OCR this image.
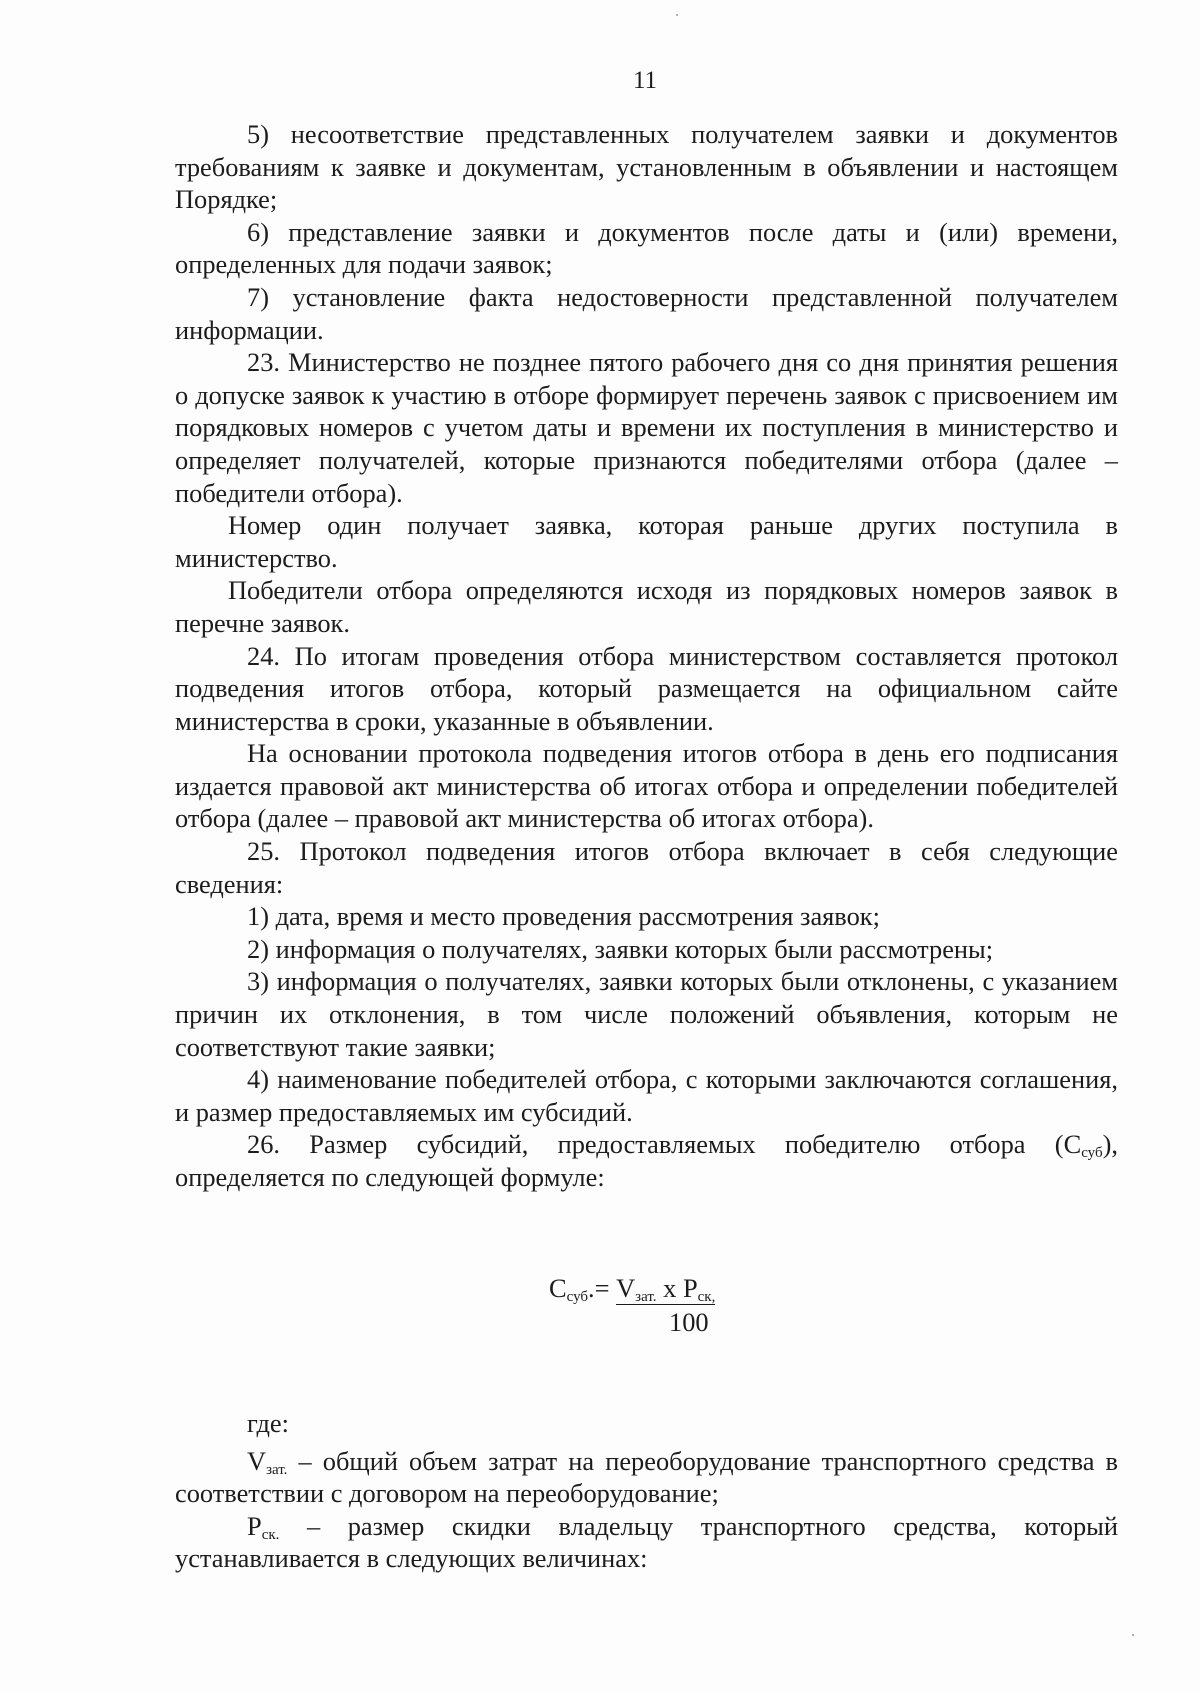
11

5) несоответствие представленных получателем заявки и документов требованиям к заявке и документам, установленным в объявлении и настоящем Порядке;

6) представление заявки и документов после даты и (или) времени, определенных для подачи заявок;

7) установление факта недостоверности представленной получателем информации.

23. Министерство не позднее пятого рабочего дня со дня принятия решения о допуске заявок к участию в отборе формирует перечень заявок с присвоением им порядковых номеров с учетом даты и времени их поступления в министерство и определяет получателей, которые признаются победителями отбора (далее – победители отбора).

Номер один получает заявка, которая раньше других поступила в министерство.

Победители отбора определяются исходя из порядковых номеров заявок в перечне заявок.

24. По итогам проведения отбора министерством составляется протокол подведения итогов отбора, который размещается на официальном сайте министерства в сроки, указанные в объявлении.

На основании протокола подведения итогов отбора в день его подписания издается правовой акт министерства об итогах отбора и определении победителей отбора (далее – правовой акт министерства об итогах отбора).

25. Протокол подведения итогов отбора включает в себя следующие сведения:

1) дата, время и место проведения рассмотрения заявок;

2) информация о получателях, заявки которых были рассмотрены;

3) информация о получателях, заявки которых были отклонены, с указанием причин их отклонения, в том числе положений объявления, которым не соответствуют такие заявки;

4) наименование победителей отбора, с которыми заключаются соглашения, и размер предоставляемых им субсидий.

26. Размер субсидий, предоставляемых победителю отбора $(С_{суб})$, определяется по следующей формуле:

$С_{суб}.= V_{зат.}$ х $Р_{ск,}$
100

где:

$V_{зат.}$ – общий объем затрат на переоборудование транспортного средства в соответствии с договором на переоборудование;

$Р_{ск.}$ – размер скидки владельцу транспортного средства, который устанавливается в следующих величинах:
